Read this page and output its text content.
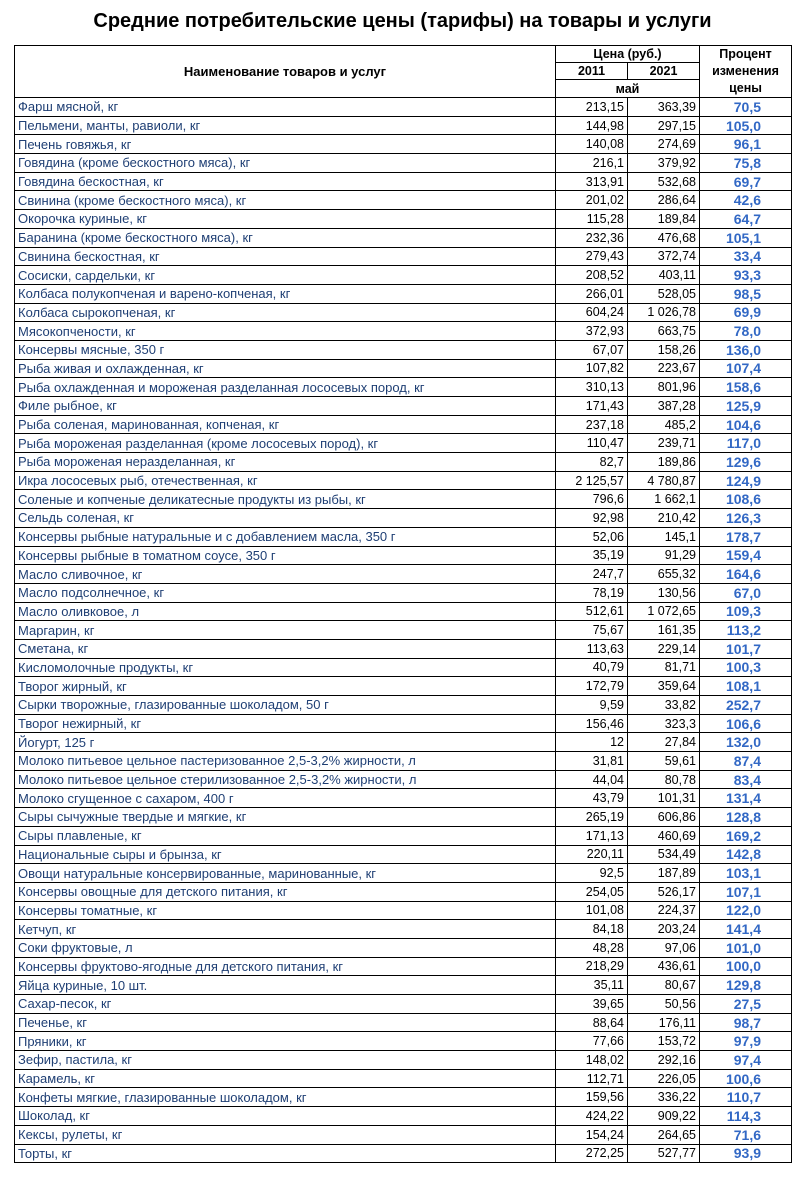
Средние потребительские цены (тарифы) на товары и услуги
Наименование товаров и услуг	Цена (руб.)		Процент изменения цены
	2011	2021	
	май		
Фарш мясной, кг	213,15	363,39	70,5
Пельмени, манты, равиоли, кг	144,98	297,15	105,0
Печень говяжья, кг	140,08	274,69	96,1
Говядина (кроме бескостного мяса), кг	216,1	379,92	75,8
Говядина бескостная, кг	313,91	532,68	69,7
Свинина (кроме бескостного мяса), кг	201,02	286,64	42,6
Окорочка куриные, кг	115,28	189,84	64,7
Баранина (кроме бескостного мяса), кг	232,36	476,68	105,1
Свинина бескостная, кг	279,43	372,74	33,4
Сосиски, сардельки, кг	208,52	403,11	93,3
Колбаса полукопченая и варено-копченая, кг	266,01	528,05	98,5
Колбаса сырокопченая, кг	604,24	1 026,78	69,9
Мясокопчености, кг	372,93	663,75	78,0
Консервы мясные, 350 г	67,07	158,26	136,0
Рыба живая и охлажденная, кг	107,82	223,67	107,4
Рыба охлажденная и мороженая разделанная лососевых пород, кг	310,13	801,96	158,6
Филе рыбное, кг	171,43	387,28	125,9
Рыба соленая, маринованная, копченая, кг	237,18	485,2	104,6
Рыба мороженая разделанная (кроме лососевых пород), кг	110,47	239,71	117,0
Рыба мороженая неразделанная, кг	82,7	189,86	129,6
Икра лососевых рыб, отечественная, кг	2 125,57	4 780,87	124,9
Соленые и копченые деликатесные продукты из рыбы, кг	796,6	1 662,1	108,6
Сельдь соленая, кг	92,98	210,42	126,3
Консервы рыбные натуральные и с добавлением масла, 350 г	52,06	145,1	178,7
Консервы рыбные в томатном соусе, 350 г	35,19	91,29	159,4
Масло сливочное, кг	247,7	655,32	164,6
Масло подсолнечное, кг	78,19	130,56	67,0
Масло оливковое, л	512,61	1 072,65	109,3
Маргарин, кг	75,67	161,35	113,2
Сметана, кг	113,63	229,14	101,7
Кисломолочные продукты, кг	40,79	81,71	100,3
Творог жирный, кг	172,79	359,64	108,1
Сырки творожные, глазированные шоколадом, 50 г	9,59	33,82	252,7
Творог нежирный, кг	156,46	323,3	106,6
Йогурт, 125 г	12	27,84	132,0
Молоко питьевое цельное пастеризованное 2,5-3,2% жирности, л	31,81	59,61	87,4
Молоко питьевое цельное стерилизованное 2,5-3,2% жирности, л	44,04	80,78	83,4
Молоко сгущенное с сахаром, 400 г	43,79	101,31	131,4
Сыры сычужные твердые и мягкие, кг	265,19	606,86	128,8
Сыры плавленые, кг	171,13	460,69	169,2
Национальные сыры и брынза, кг	220,11	534,49	142,8
Овощи натуральные консервированные, маринованные, кг	92,5	187,89	103,1
Консервы овощные для детского питания, кг	254,05	526,17	107,1
Консервы томатные, кг	101,08	224,37	122,0
Кетчуп, кг	84,18	203,24	141,4
Соки фруктовые, л	48,28	97,06	101,0
Консервы фруктово-ягодные для детского питания, кг	218,29	436,61	100,0
Яйца куриные, 10 шт.	35,11	80,67	129,8
Сахар-песок, кг	39,65	50,56	27,5
Печенье, кг	88,64	176,11	98,7
Пряники, кг	77,66	153,72	97,9
Зефир, пастила, кг	148,02	292,16	97,4
Карамель, кг	112,71	226,05	100,6
Конфеты мягкие, глазированные шоколадом, кг	159,56	336,22	110,7
Шоколад, кг	424,22	909,22	114,3
Кексы, рулеты, кг	154,24	264,65	71,6
Торты, кг	272,25	527,77	93,9
